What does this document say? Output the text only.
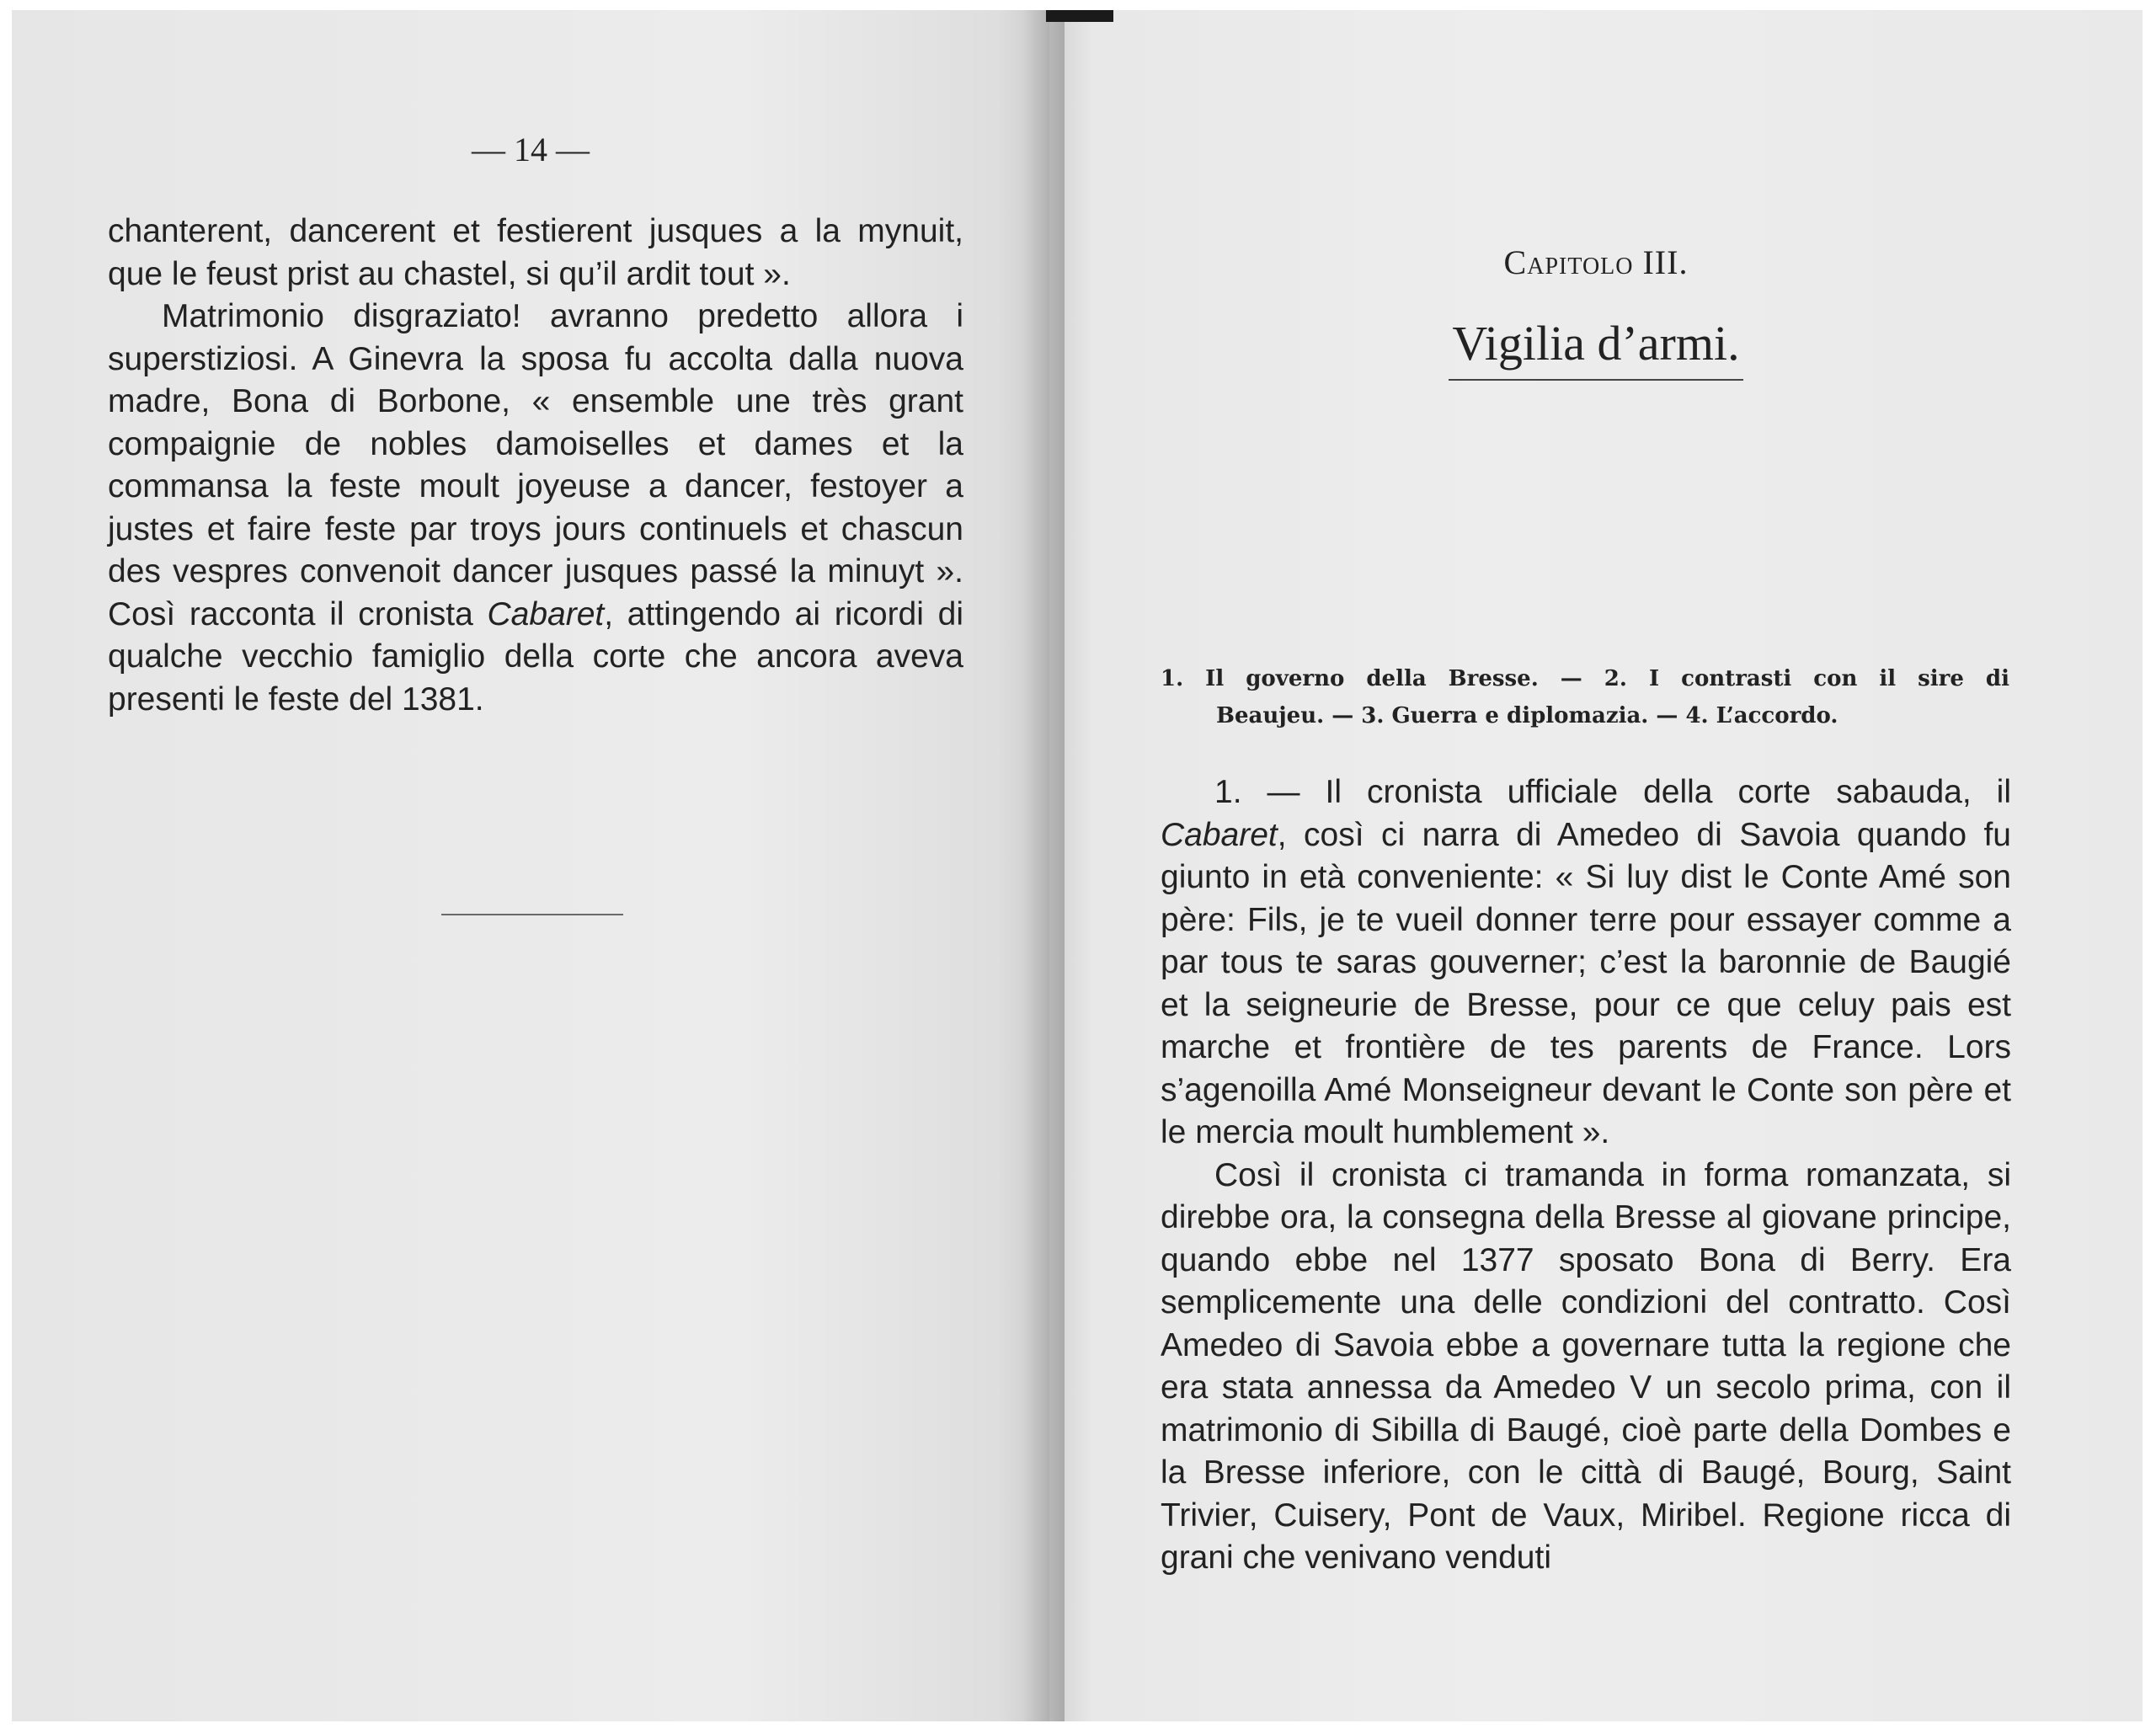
— 14 —

chanterent, dancerent et festierent jusques a la mynuit, que le feust prist au chastel, si qu’il ardit tout ».

Matrimonio disgraziato! avranno predetto allora i superstiziosi. A Ginevra la sposa fu accolta dalla nuova madre, Bona di Borbone, « ensemble une très grant compaignie de nobles damoiselles et dames et la commansa la feste moult joyeuse a dancer, festoyer a justes et faire feste par troys jours continuels et chascun des vespres convenoit dancer jusques passé la minuyt ». Così racconta il cronista Cabaret, attingendo ai ricordi di qualche vecchio famiglio della corte che ancora aveva presenti le feste del 1381.

Capitolo III.
Vigilia d’armi.
1. Il governo della Bresse. — 2. I contrasti con il sire di
Beaujeu. — 3. Guerra e diplomazia. — 4. L’accordo.

1. — Il cronista ufficiale della corte sabauda, il Cabaret, così ci narra di Amedeo di Savoia quando fu giunto in età conveniente: « Si luy dist le Conte Amé son père: Fils, je te vueil donner terre pour essayer comme a par tous te saras gouverner; c’est la baronnie de Baugié et la seigneurie de Bresse, pour ce que celuy pais est marche et frontière de tes parents de France. Lors s’agenoilla Amé Monseigneur devant le Conte son père et le mercia moult humblement ».

Così il cronista ci tramanda in forma romanzata, si direbbe ora, la consegna della Bresse al giovane principe, quando ebbe nel 1377 sposato Bona di Berry. Era semplicemente una delle condizioni del contratto. Così Amedeo di Savoia ebbe a governare tutta la regione che era stata annessa da Amedeo V un secolo prima, con il matrimonio di Sibilla di Baugé, cioè parte della Dombes e la Bresse inferiore, con le città di Baugé, Bourg, Saint Trivier, Cuisery, Pont de Vaux, Miribel. Regione ricca di grani che venivano venduti
